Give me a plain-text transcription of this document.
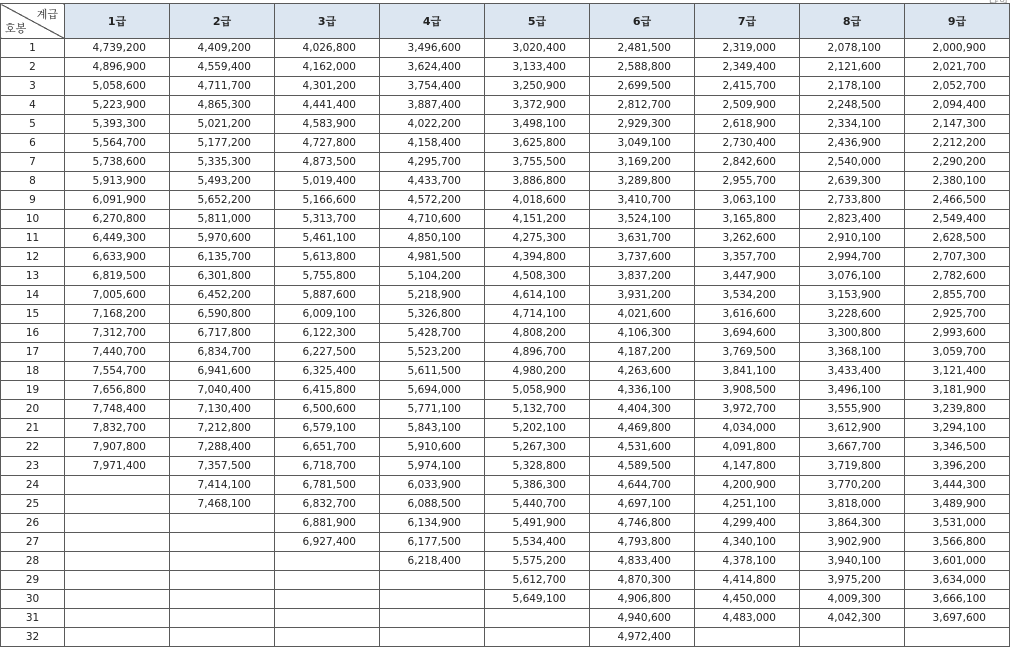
계급
호봉	1급	2급	3급	4급	5급	6급	7급	8급	9급
1	4,739,200	4,409,200	4,026,800	3,496,600	3,020,400	2,481,500	2,319,000	2,078,100	2,000,900
2	4,896,900	4,559,400	4,162,000	3,624,400	3,133,400	2,588,800	2,349,400	2,121,600	2,021,700
3	5,058,600	4,711,700	4,301,200	3,754,400	3,250,900	2,699,500	2,415,700	2,178,100	2,052,700
4	5,223,900	4,865,300	4,441,400	3,887,400	3,372,900	2,812,700	2,509,900	2,248,500	2,094,400
5	5,393,300	5,021,200	4,583,900	4,022,200	3,498,100	2,929,300	2,618,900	2,334,100	2,147,300
6	5,564,700	5,177,200	4,727,800	4,158,400	3,625,800	3,049,100	2,730,400	2,436,900	2,212,200
7	5,738,600	5,335,300	4,873,500	4,295,700	3,755,500	3,169,200	2,842,600	2,540,000	2,290,200
8	5,913,900	5,493,200	5,019,400	4,433,700	3,886,800	3,289,800	2,955,700	2,639,300	2,380,100
9	6,091,900	5,652,200	5,166,600	4,572,200	4,018,600	3,410,700	3,063,100	2,733,800	2,466,500
10	6,270,800	5,811,000	5,313,700	4,710,600	4,151,200	3,524,100	3,165,800	2,823,400	2,549,400
11	6,449,300	5,970,600	5,461,100	4,850,100	4,275,300	3,631,700	3,262,600	2,910,100	2,628,500
12	6,633,900	6,135,700	5,613,800	4,981,500	4,394,800	3,737,600	3,357,700	2,994,700	2,707,300
13	6,819,500	6,301,800	5,755,800	5,104,200	4,508,300	3,837,200	3,447,900	3,076,100	2,782,600
14	7,005,600	6,452,200	5,887,600	5,218,900	4,614,100	3,931,200	3,534,200	3,153,900	2,855,700
15	7,168,200	6,590,800	6,009,100	5,326,800	4,714,100	4,021,600	3,616,600	3,228,600	2,925,700
16	7,312,700	6,717,800	6,122,300	5,428,700	4,808,200	4,106,300	3,694,600	3,300,800	2,993,600
17	7,440,700	6,834,700	6,227,500	5,523,200	4,896,700	4,187,200	3,769,500	3,368,100	3,059,700
18	7,554,700	6,941,600	6,325,400	5,611,500	4,980,200	4,263,600	3,841,100	3,433,400	3,121,400
19	7,656,800	7,040,400	6,415,800	5,694,000	5,058,900	4,336,100	3,908,500	3,496,100	3,181,900
20	7,748,400	7,130,400	6,500,600	5,771,100	5,132,700	4,404,300	3,972,700	3,555,900	3,239,800
21	7,832,700	7,212,800	6,579,100	5,843,100	5,202,100	4,469,800	4,034,000	3,612,900	3,294,100
22	7,907,800	7,288,400	6,651,700	5,910,600	5,267,300	4,531,600	4,091,800	3,667,700	3,346,500
23	7,971,400	7,357,500	6,718,700	5,974,100	5,328,800	4,589,500	4,147,800	3,719,800	3,396,200
24		7,414,100	6,781,500	6,033,900	5,386,300	4,644,700	4,200,900	3,770,200	3,444,300
25		7,468,100	6,832,700	6,088,500	5,440,700	4,697,100	4,251,100	3,818,000	3,489,900
26			6,881,900	6,134,900	5,491,900	4,746,800	4,299,400	3,864,300	3,531,000
27			6,927,400	6,177,500	5,534,400	4,793,800	4,340,100	3,902,900	3,566,800
28				6,218,400	5,575,200	4,833,400	4,378,100	3,940,100	3,601,000
29					5,612,700	4,870,300	4,414,800	3,975,200	3,634,000
30					5,649,100	4,906,800	4,450,000	4,009,300	3,666,100
31						4,940,600	4,483,000	4,042,300	3,697,600
32						4,972,400			
